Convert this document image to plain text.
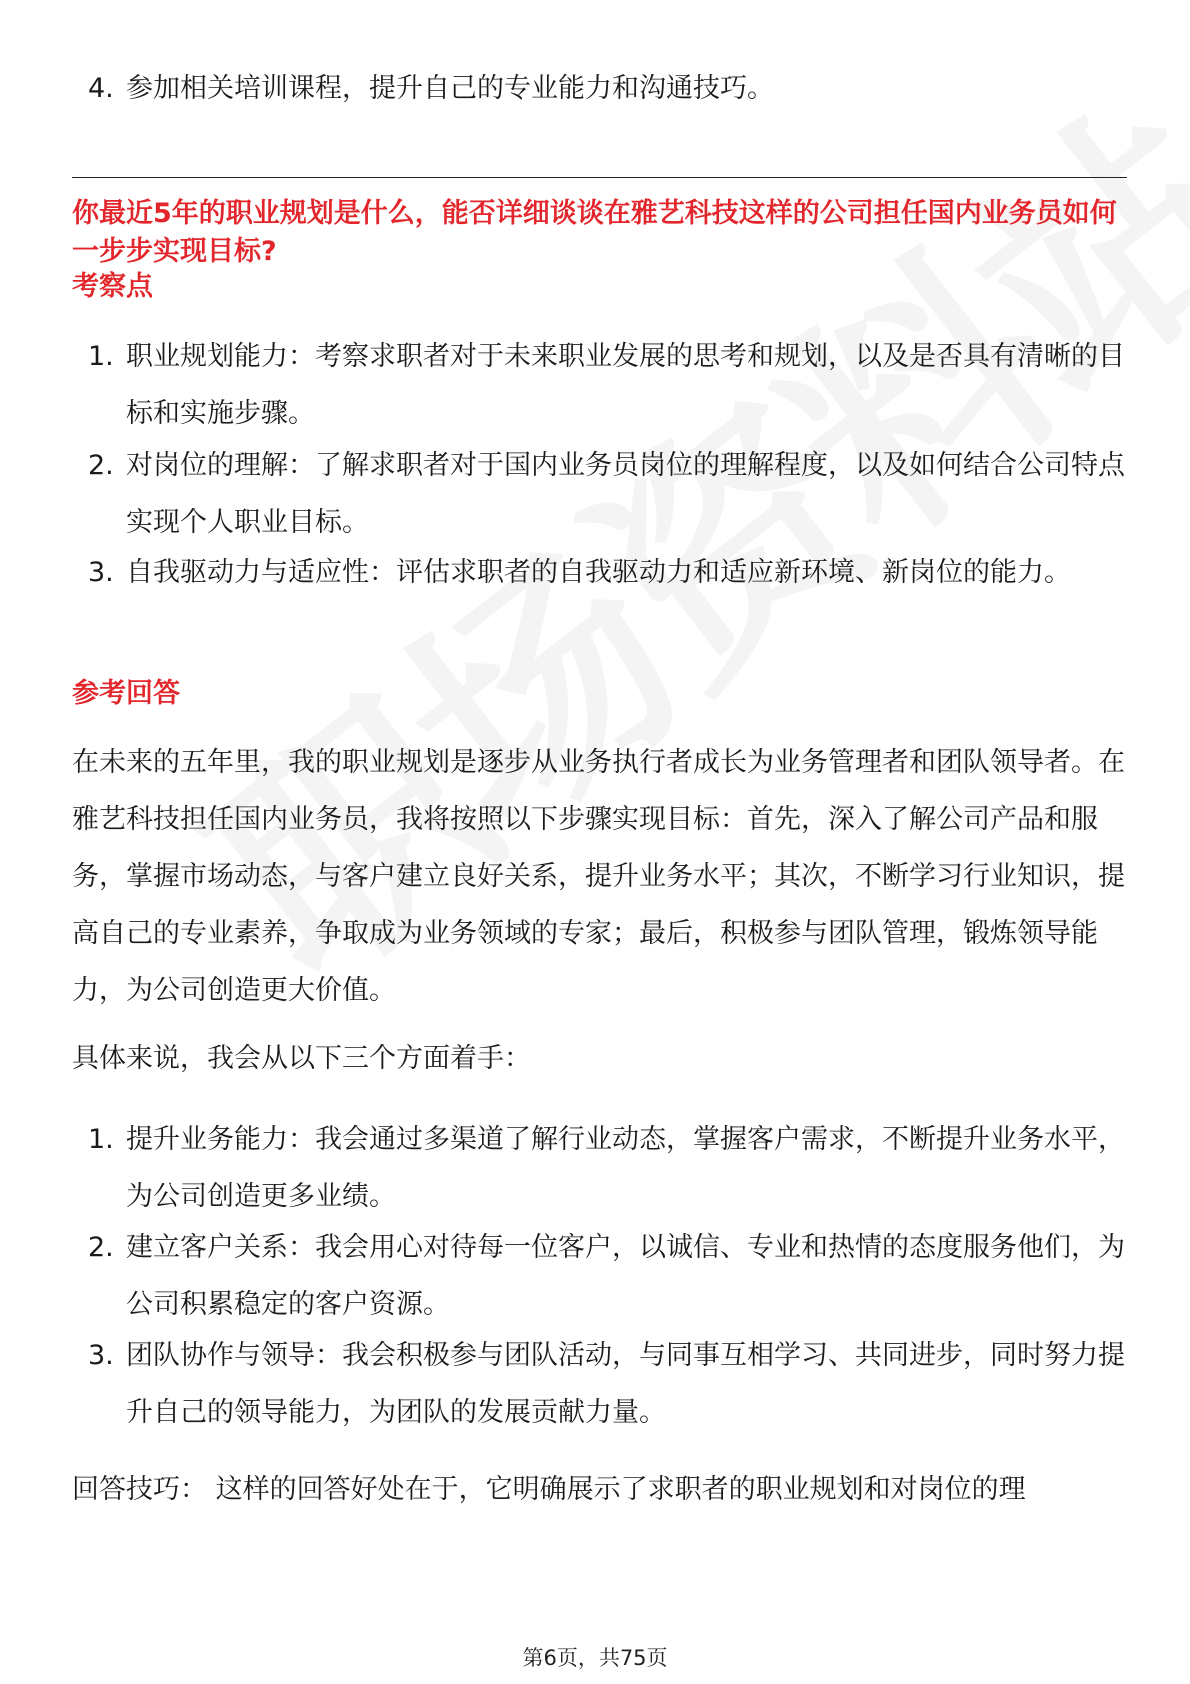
4. 参加相关培训课程，提升自己的专业能力和沟通技巧。
你最近5年的职业规划是什么，能否详细谈谈在雅艺科技这样的公司担任国内业务员如何一步步实现目标?
考察点
1. 职业规划能力：考察求职者对于未来职业发展的思考和规划，以及是否具有清晰的目标和实施步骤。
2. 对岗位的理解：了解求职者对于国内业务员岗位的理解程度，以及如何结合公司特点实现个人职业目标。
3. 自我驱动力与适应性：评估求职者的自我驱动力和适应新环境、新岗位的能力。
参考回答
在未来的五年里，我的职业规划是逐步从业务执行者成长为业务管理者和团队领导者。在雅艺科技担任国内业务员，我将按照以下步骤实现目标：首先，深入了解公司产品和服务，掌握市场动态，与客户建立良好关系，提升业务水平；其次，不断学习行业知识，提高自己的专业素养，争取成为业务领域的专家；最后，积极参与团队管理，锻炼领导能力，为公司创造更大价值。
具体来说，我会从以下三个方面着手：
1. 提升业务能力：我会通过多渠道了解行业动态，掌握客户需求，不断提升业务水平，为公司创造更多业绩。
2. 建立客户关系：我会用心对待每一位客户，以诚信、专业和热情的态度服务他们，为公司积累稳定的客户资源。
3. 团队协作与领导：我会积极参与团队活动，与同事互相学习、共同进步，同时努力提升自己的领导能力，为团队的发展贡献力量。
回答技巧： 这样的回答好处在于，它明确展示了求职者的职业规划和对岗位的理
第6页，共75页
